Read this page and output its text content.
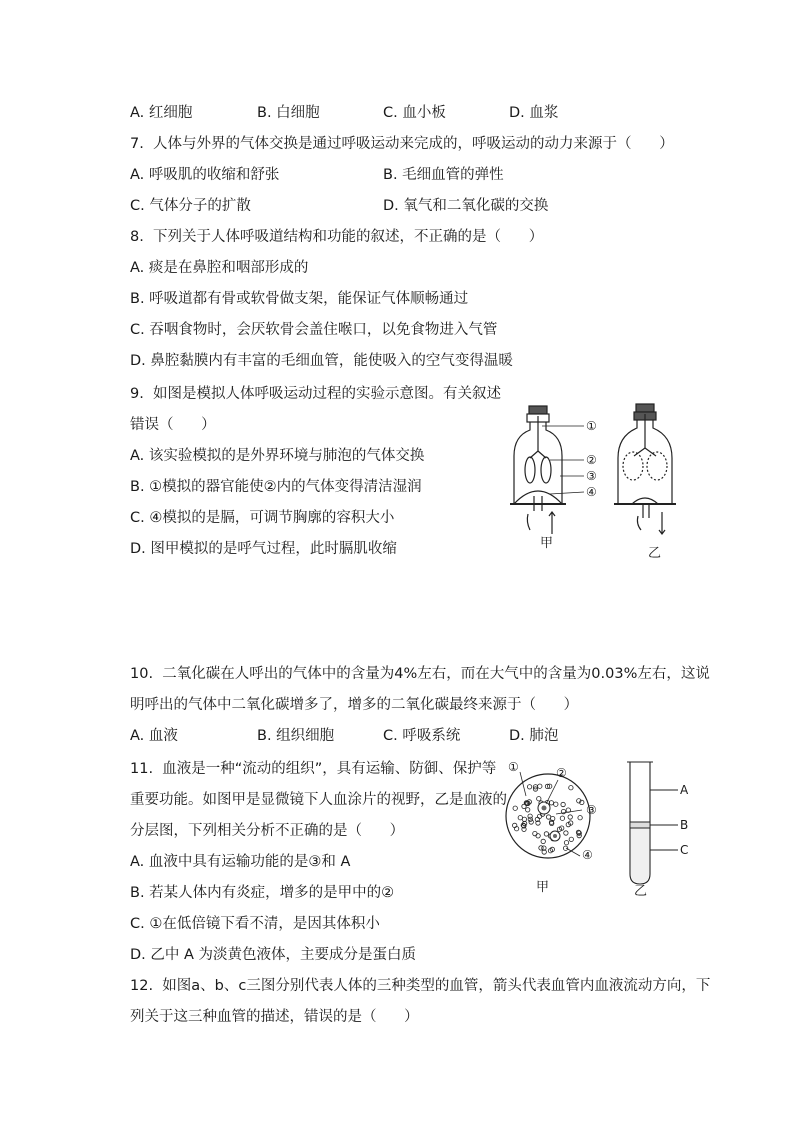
A. 红细胞	B. 白细胞	C. 血小板	D. 血浆
7.  人体与外界的气体交换是通过呼吸运动来完成的，呼吸运动的动力来源于（      ）
A. 呼吸肌的收缩和舒张	B. 毛细血管的弹性
C. 气体分子的扩散	D. 氧气和二氧化碳的交换
8.  下列关于人体呼吸道结构和功能的叙述，不正确的是（      ）
A. 痰是在鼻腔和咽部形成的
B. 呼吸道都有骨或软骨做支架，能保证气体顺畅通过
C. 吞咽食物时，会厌软骨会盖住喉口，以免食物进入气管
D. 鼻腔黏膜内有丰富的毛细血管，能使吸入的空气变得温暖
9.  如图是模拟人体呼吸运动过程的实验示意图。有关叙述
错误（      ）
A. 该实验模拟的是外界环境与肺泡的气体交换
B. ①模拟的器官能使②内的气体变得清洁湿润
C. ④模拟的是膈，可调节胸廓的容积大小
D. 图甲模拟的是呼气过程，此时膈肌收缩
①
②
③
④
甲
乙
10.  二氧化碳在人呼出的气体中的含量为4%左右，而在大气中的含量为0.03%左右，这说
明呼出的气体中二氧化碳增多了，增多的二氧化碳最终来源于（      ）
A. 血液	B. 组织细胞	C. 呼吸系统	D. 肺泡
11.  血液是一种“流动的组织”，具有运输、防御、保护等
重要功能。如图甲是显微镜下人血涂片的视野，乙是血液的
分层图，下列相关分析不正确的是（      ）
A. 血液中具有运输功能的是③和 A
B. 若某人体内有炎症，增多的是甲中的②
C. ①在低倍镜下看不清，是因其体积小
D. 乙中 A 为淡黄色液体，主要成分是蛋白质
①	②
③
④
A
B
C
甲	乙
12.  如图a、b、c三图分别代表人体的三种类型的血管，箭头代表血管内血液流动方向，下
列关于这三种血管的描述，错误的是（      ）
